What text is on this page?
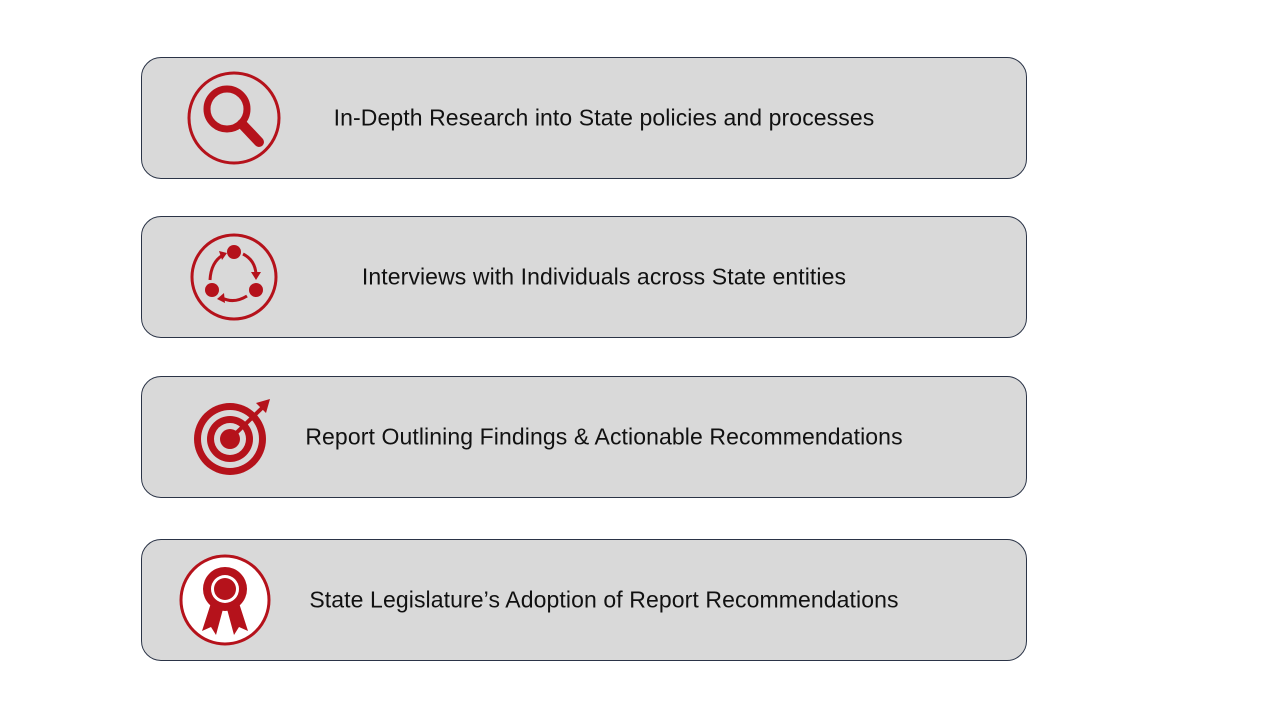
In-Depth Research into State policies and processes
Interviews with Individuals across State entities
Report Outlining Findings & Actionable Recommendations
State Legislature’s Adoption of Report Recommendations
